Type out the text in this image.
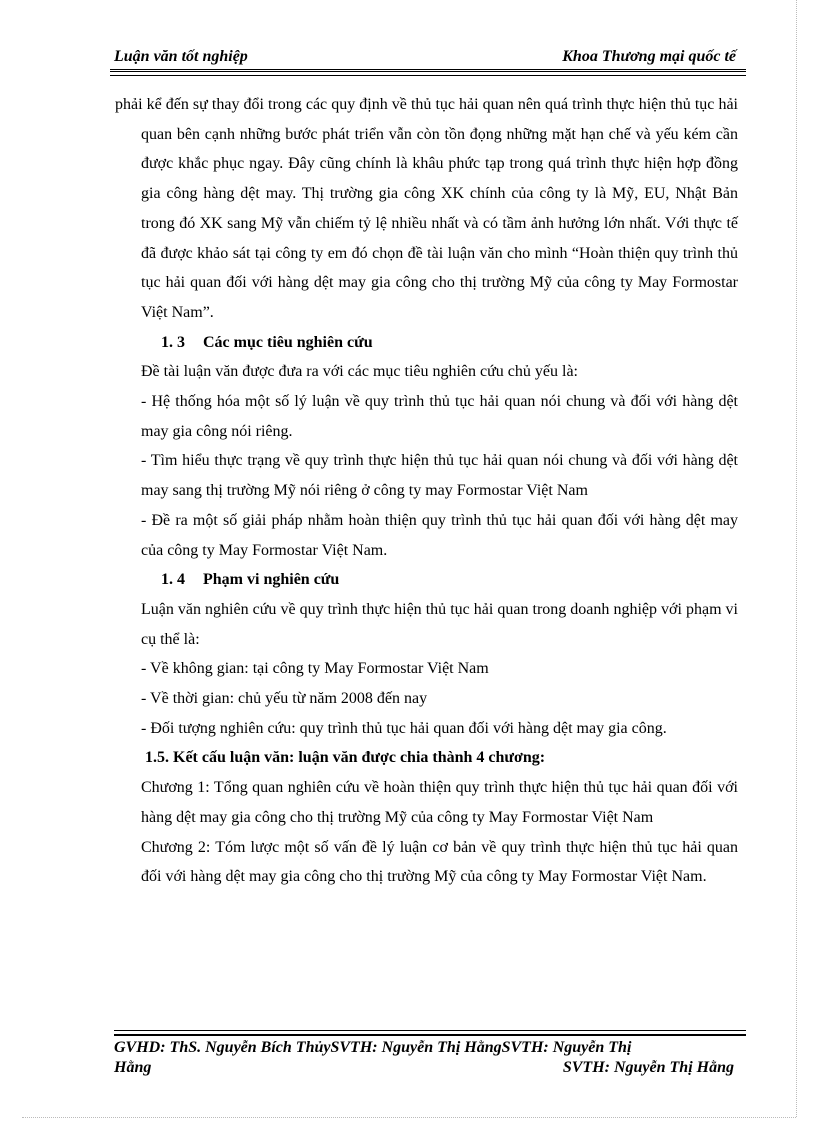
Luận văn tốt nghiệp	Khoa Thương mại quốc tế

phải kể đến sự thay đổi trong các quy định về thủ tục hải quan nên quá trình thực hiện thủ tục hải quan bên cạnh những bước phát triển vẫn còn tồn đọng những mặt hạn chế và yếu kém cần được khắc phục ngay. Đây cũng chính là khâu phức tạp trong quá trình thực hiện hợp đồng gia công hàng dệt may. Thị trường gia công XK chính của công ty là Mỹ, EU, Nhật Bản trong đó XK sang Mỹ vẫn chiếm tỷ lệ nhiều nhất và có tầm ảnh hưởng lớn nhất. Với thực tế đã được khảo sát tại công ty em đó chọn đề tài luận văn cho mình “Hoàn thiện quy trình thủ tục hải quan đối với hàng dệt may gia công cho thị trường Mỹ của công ty May Formostar Việt Nam”.

1. 3 Các mục tiêu nghiên cứu

Đề tài luận văn được đưa ra với các mục tiêu nghiên cứu chủ yếu là:

- Hệ thống hóa một số lý luận về quy trình thủ tục hải quan nói chung và đối với hàng dệt may gia công nói riêng.

- Tìm hiểu thực trạng về quy trình thực hiện thủ tục hải quan nói chung và đối với hàng dệt may sang thị trường Mỹ nói riêng ở công ty may Formostar Việt Nam

- Đề ra một số giải pháp nhằm hoàn thiện quy trình thủ tục hải quan đối với hàng dệt may của công ty May Formostar Việt Nam.

1. 4 Phạm vi nghiên cứu

Luận văn nghiên cứu về quy trình thực hiện thủ tục hải quan trong doanh nghiệp với phạm vi cụ thể là:

- Về không gian: tại công ty May Formostar Việt Nam

- Về thời gian: chủ yếu từ năm 2008 đến nay

- Đối tượng nghiên cứu: quy trình thủ tục hải quan đối với hàng dệt may gia công.

1.5. Kết cấu luận văn: luận văn được chia thành 4 chương:

Chương 1: Tổng quan nghiên cứu về hoàn thiện quy trình thực hiện thủ tục hải quan đối với hàng dệt may gia công cho thị trường Mỹ của công ty May Formostar Việt Nam

Chương 2: Tóm lược một số vấn đề lý luận cơ bản về quy trình thực hiện thủ tục hải quan đối với hàng dệt may gia công cho thị trường Mỹ của công ty May Formostar Việt Nam.

GVHD: ThS. Nguyễn Bích ThủySVTH: Nguyễn Thị HằngSVTH: Nguyễn Thị
Hằng	SVTH: Nguyễn Thị Hằng
